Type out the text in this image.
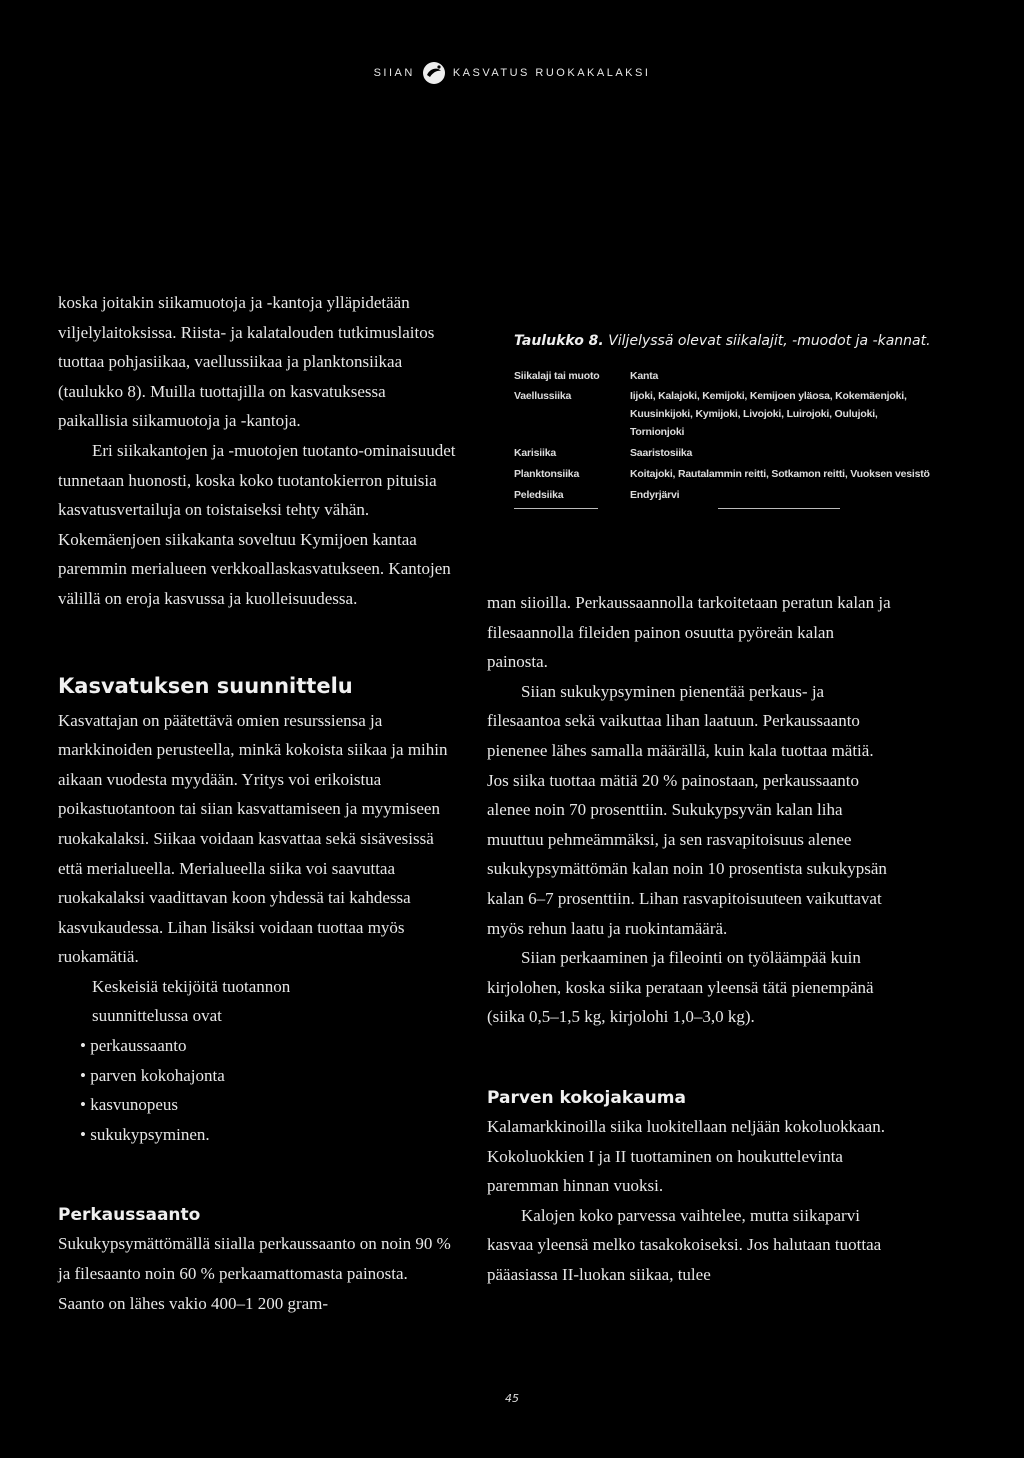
SIIAN	KASVATUS RUOKAKALAKSI

koska joitakin siikamuotoja ja -kantoja ylläpidetään viljelylaitoksissa. Riista- ja kalatalouden tutkimuslaitos tuottaa pohjasiikaa, vaellussiikaa ja planktonsiikaa (taulukko 8). Muilla tuottajilla on kasvatuksessa paikallisia siikamuotoja ja -kantoja.

Eri siikakantojen ja -muotojen tuotanto-ominaisuudet tunnetaan huonosti, koska koko tuotantokierron pituisia kasvatusvertailuja on toistaiseksi tehty vähän. Kokemäenjoen siikakanta soveltuu Kymijoen kantaa paremmin merialueen verkkoallaskasvatukseen. Kantojen välillä on eroja kasvussa ja kuolleisuudessa.

Kasvatuksen suunnittelu

Kasvattajan on päätettävä omien resurssiensa ja markkinoiden perusteella, minkä kokoista siikaa ja mihin aikaan vuodesta myydään. Yritys voi erikoistua poikastuotantoon tai siian kasvattamiseen ja myymiseen ruokakalaksi. Siikaa voidaan kasvattaa sekä sisävesissä että merialueella. Merialueella siika voi saavuttaa ruokakalaksi vaadittavan koon yhdessä tai kahdessa kasvukaudessa. Lihan lisäksi voidaan tuottaa myös ruokamätiä.

Keskeisiä tekijöitä tuotannon suunnittelussa ovat
• perkaussaanto
• parven kokohajonta
• kasvunopeus
• sukukypsyminen.
Perkaussaanto

Sukukypsymättömällä siialla perkaussaanto on noin 90 % ja filesaanto noin 60 % perkaamattomasta painosta. Saanto on lähes vakio 400–1 200 gram-

Taulukko 8. Viljelyssä olevat siikalajit, -muodot ja -kannat.
Siikalaji tai muoto	Kanta
Vaellussiika	Iijoki, Kalajoki, Kemijoki, Kemijoen yläosa, Kokemäenjoki, Kuusinkijoki, Kymijoki, Livojoki, Luirojoki, Oulujoki, Tornionjoki
Karisiika	Saaristosiika
Planktonsiika	Koitajoki, Rautalammin reitti, Sotkamon reitti, Vuoksen vesistö
Peledsiika	Endyrjärvi

man siioilla. Perkaussaannolla tarkoitetaan peratun kalan ja filesaannolla fileiden painon osuutta pyöreän kalan painosta.

Siian sukukypsyminen pienentää perkaus- ja filesaantoa sekä vaikuttaa lihan laatuun. Perkaussaanto pienenee lähes samalla määrällä, kuin kala tuottaa mätiä. Jos siika tuottaa mätiä 20 % painostaan, perkaussaanto alenee noin 70 prosenttiin. Sukukypsyvän kalan liha muuttuu pehmeämmäksi, ja sen rasvapitoisuus alenee sukukypsymättömän kalan noin 10 prosentista sukukypsän kalan 6–7 prosenttiin. Lihan rasvapitoisuuteen vaikuttavat myös rehun laatu ja ruokintamäärä.

Siian perkaaminen ja fileointi on työläämpää kuin kirjolohen, koska siika perataan yleensä tätä pienempänä (siika 0,5–1,5 kg, kirjolohi 1,0–3,0 kg).

Parven kokojakauma

Kalamarkkinoilla siika luokitellaan neljään kokoluokkaan. Kokoluokkien I ja II tuottaminen on houkuttelevinta paremman hinnan vuoksi.

Kalojen koko parvessa vaihtelee, mutta siikaparvi kasvaa yleensä melko tasakokoiseksi. Jos halutaan tuottaa pääasiassa II-luokan siikaa, tulee

45
